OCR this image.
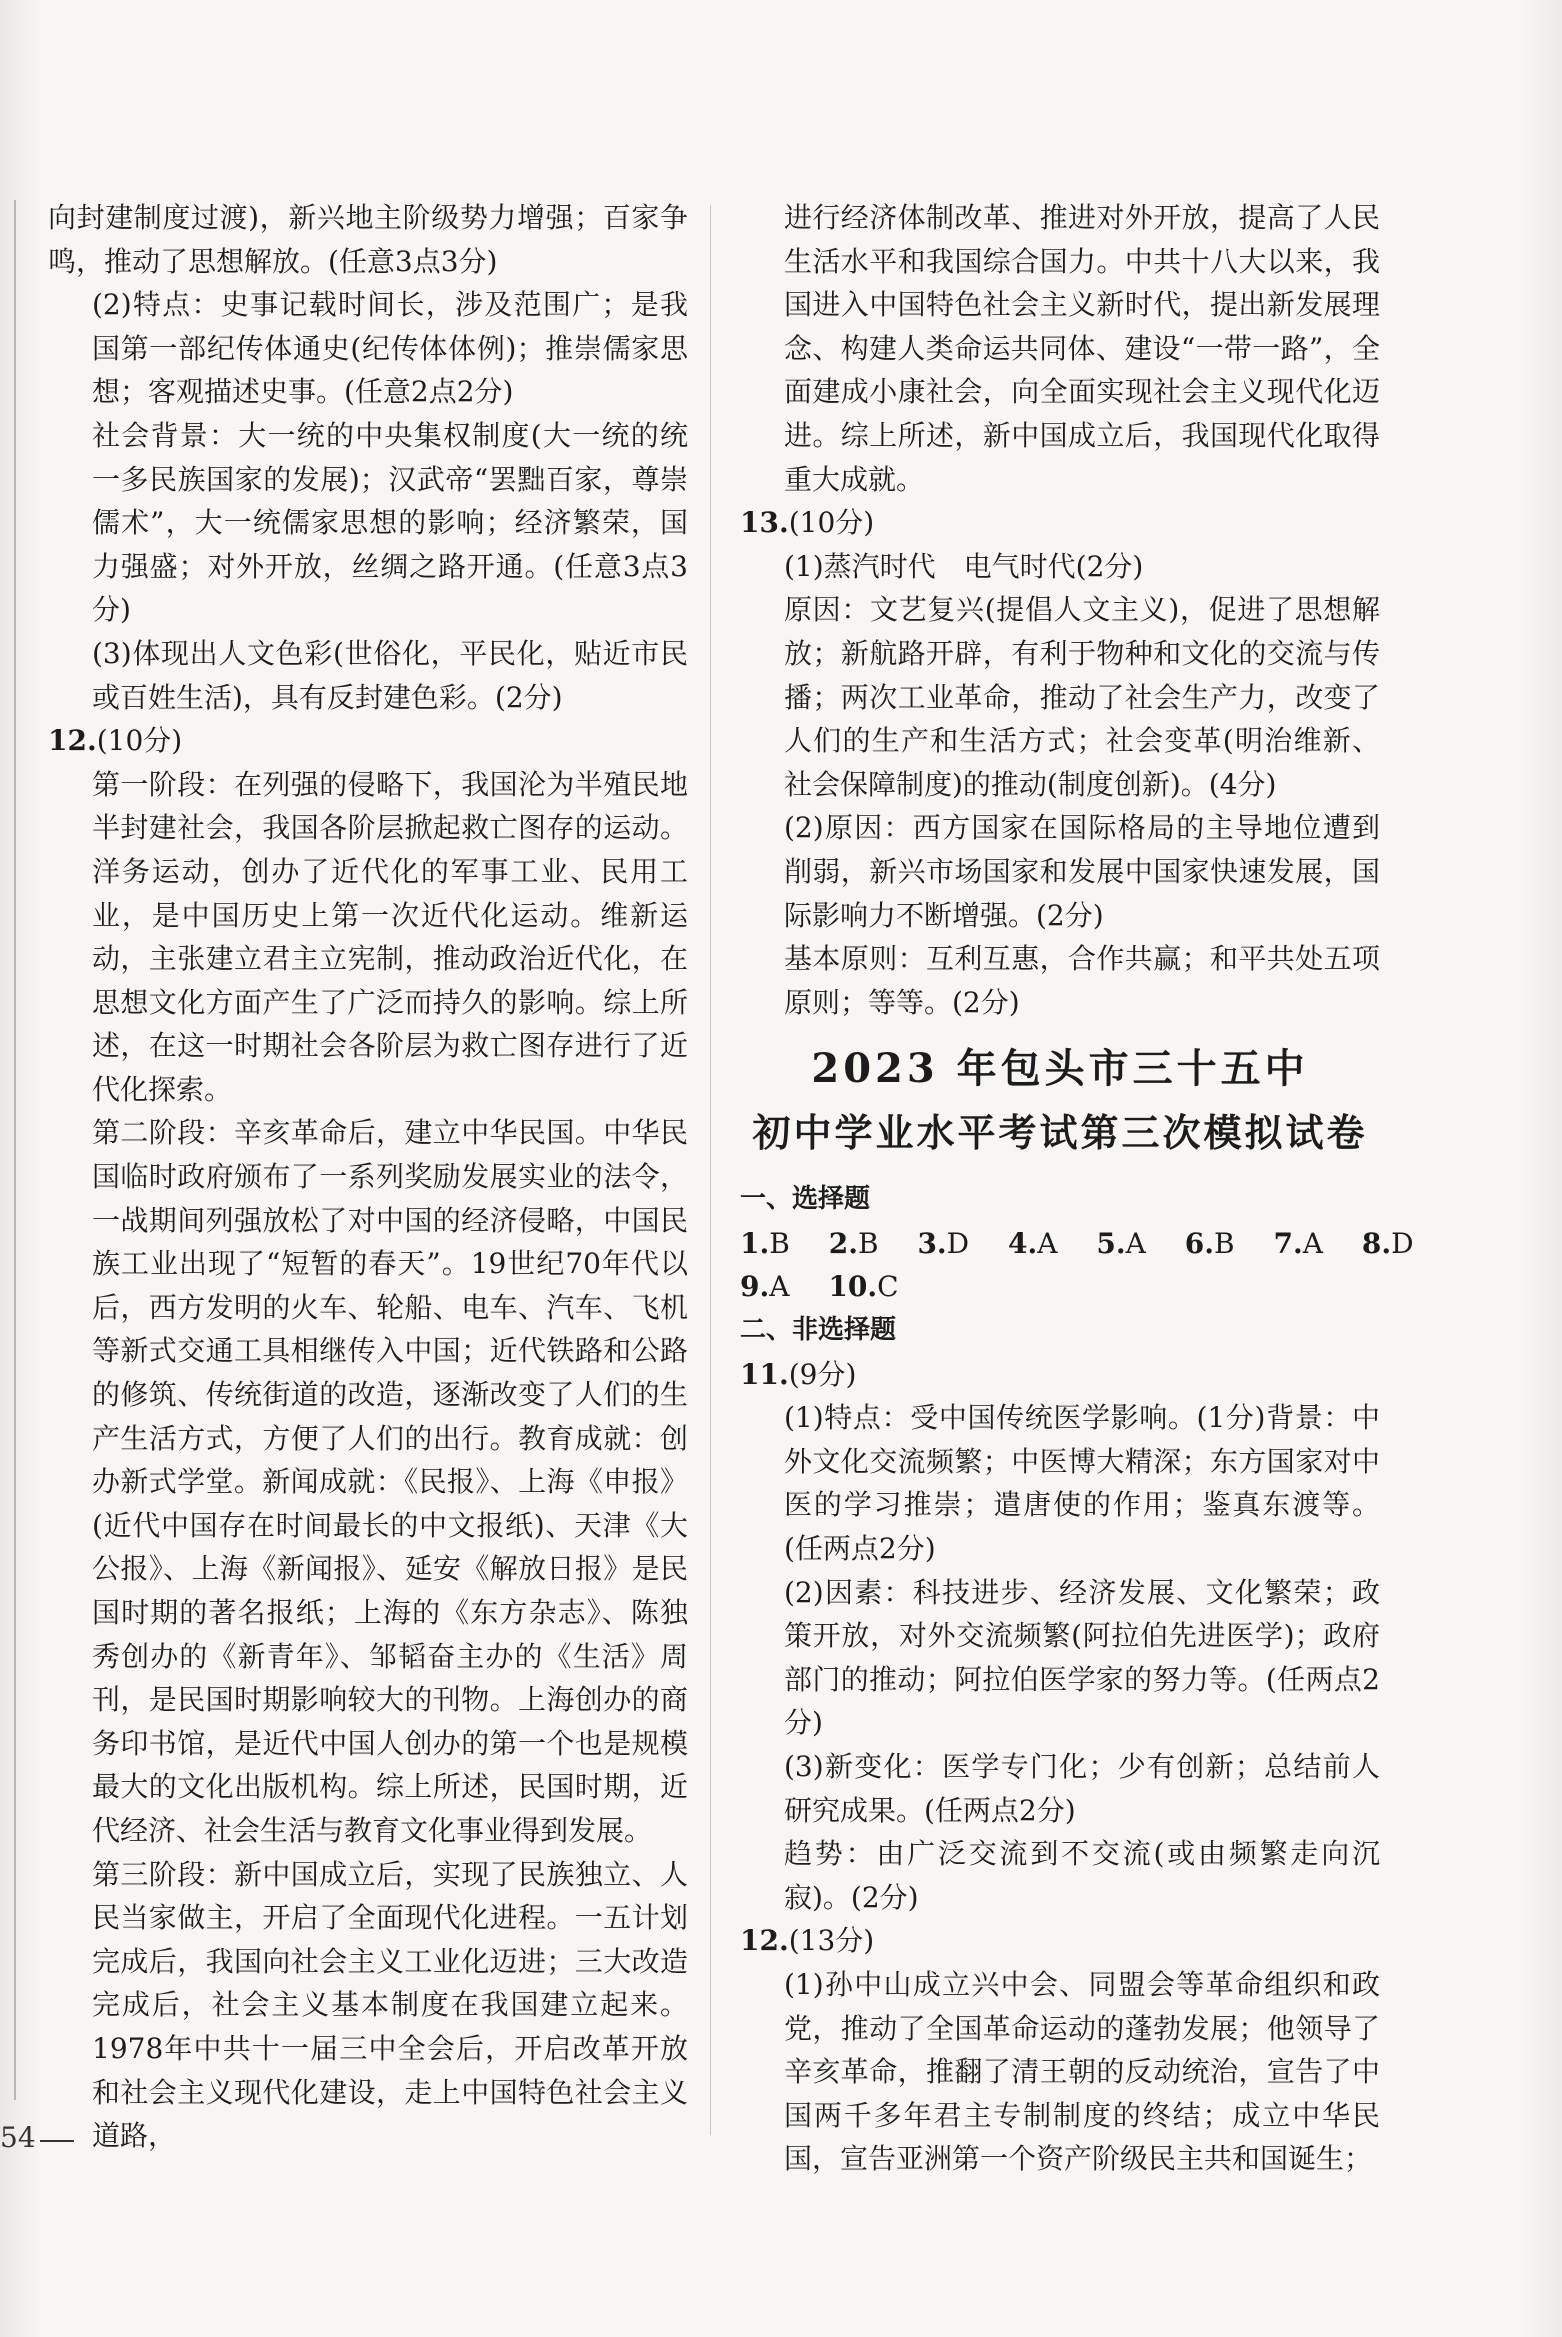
向封建制度过渡)，新兴地主阶级势力增强；百家争鸣，推动了思想解放。(任意3点3分)

(2)特点：史事记载时间长，涉及范围广；是我国第一部纪传体通史(纪传体体例)；推崇儒家思想；客观描述史事。(任意2点2分)

社会背景：大一统的中央集权制度(大一统的统一多民族国家的发展)；汉武帝“罢黜百家，尊崇儒术”，大一统儒家思想的影响；经济繁荣，国力强盛；对外开放，丝绸之路开通。(任意3点3分)

(3)体现出人文色彩(世俗化，平民化，贴近市民或百姓生活)，具有反封建色彩。(2分)

12.(10分)

第一阶段：在列强的侵略下，我国沦为半殖民地半封建社会，我国各阶层掀起救亡图存的运动。洋务运动，创办了近代化的军事工业、民用工业，是中国历史上第一次近代化运动。维新运动，主张建立君主立宪制，推动政治近代化，在思想文化方面产生了广泛而持久的影响。综上所述，在这一时期社会各阶层为救亡图存进行了近代化探索。

第二阶段：辛亥革命后，建立中华民国。中华民国临时政府颁布了一系列奖励发展实业的法令，一战期间列强放松了对中国的经济侵略，中国民族工业出现了“短暂的春天”。19世纪70年代以后，西方发明的火车、轮船、电车、汽车、飞机等新式交通工具相继传入中国；近代铁路和公路的修筑、传统街道的改造，逐渐改变了人们的生产生活方式，方便了人们的出行。教育成就：创办新式学堂。新闻成就：《民报》、上海《申报》(近代中国存在时间最长的中文报纸)、天津《大公报》、上海《新闻报》、延安《解放日报》是民国时期的著名报纸；上海的《东方杂志》、陈独秀创办的《新青年》、邹韬奋主办的《生活》周刊，是民国时期影响较大的刊物。上海创办的商务印书馆，是近代中国人创办的第一个也是规模最大的文化出版机构。综上所述，民国时期，近代经济、社会生活与教育文化事业得到发展。

第三阶段：新中国成立后，实现了民族独立、人民当家做主，开启了全面现代化进程。一五计划完成后，我国向社会主义工业化迈进；三大改造完成后，社会主义基本制度在我国建立起来。1978年中共十一届三中全会后，开启改革开放和社会主义现代化建设，走上中国特色社会主义道路，

进行经济体制改革、推进对外开放，提高了人民生活水平和我国综合国力。中共十八大以来，我国进入中国特色社会主义新时代，提出新发展理念、构建人类命运共同体、建设“一带一路”，全面建成小康社会，向全面实现社会主义现代化迈进。综上所述，新中国成立后，我国现代化取得重大成就。

13.(10分)

(1)蒸汽时代　电气时代(2分)

原因：文艺复兴(提倡人文主义)，促进了思想解放；新航路开辟，有利于物种和文化的交流与传播；两次工业革命，推动了社会生产力，改变了人们的生产和生活方式；社会变革(明治维新、社会保障制度)的推动(制度创新)。(4分)

(2)原因：西方国家在国际格局的主导地位遭到削弱，新兴市场国家和发展中国家快速发展，国际影响力不断增强。(2分)

基本原则：互利互惠，合作共赢；和平共处五项原则；等等。(2分)

2023 年包头市三十五中
初中学业水平考试第三次模拟试卷

一、选择题

1.B 2.B 3.D 4.A 5.A 6.B 7.A 8.D

9.A 10.C

二、非选择题

11.(9分)

(1)特点：受中国传统医学影响。(1分)背景：中外文化交流频繁；中医博大精深；东方国家对中医的学习推崇；遣唐使的作用；鉴真东渡等。(任两点2分)

(2)因素：科技进步、经济发展、文化繁荣；政策开放，对外交流频繁(阿拉伯先进医学)；政府部门的推动；阿拉伯医学家的努力等。(任两点2分)

(3)新变化：医学专门化；少有创新；总结前人研究成果。(任两点2分)

趋势：由广泛交流到不交流(或由频繁走向沉寂)。(2分)

12.(13分)

(1)孙中山成立兴中会、同盟会等革命组织和政党，推动了全国革命运动的蓬勃发展；他领导了辛亥革命，推翻了清王朝的反动统治，宣告了中国两千多年君主专制制度的终结；成立中华民国，宣告亚洲第一个资产阶级民主共和国诞生；

54
